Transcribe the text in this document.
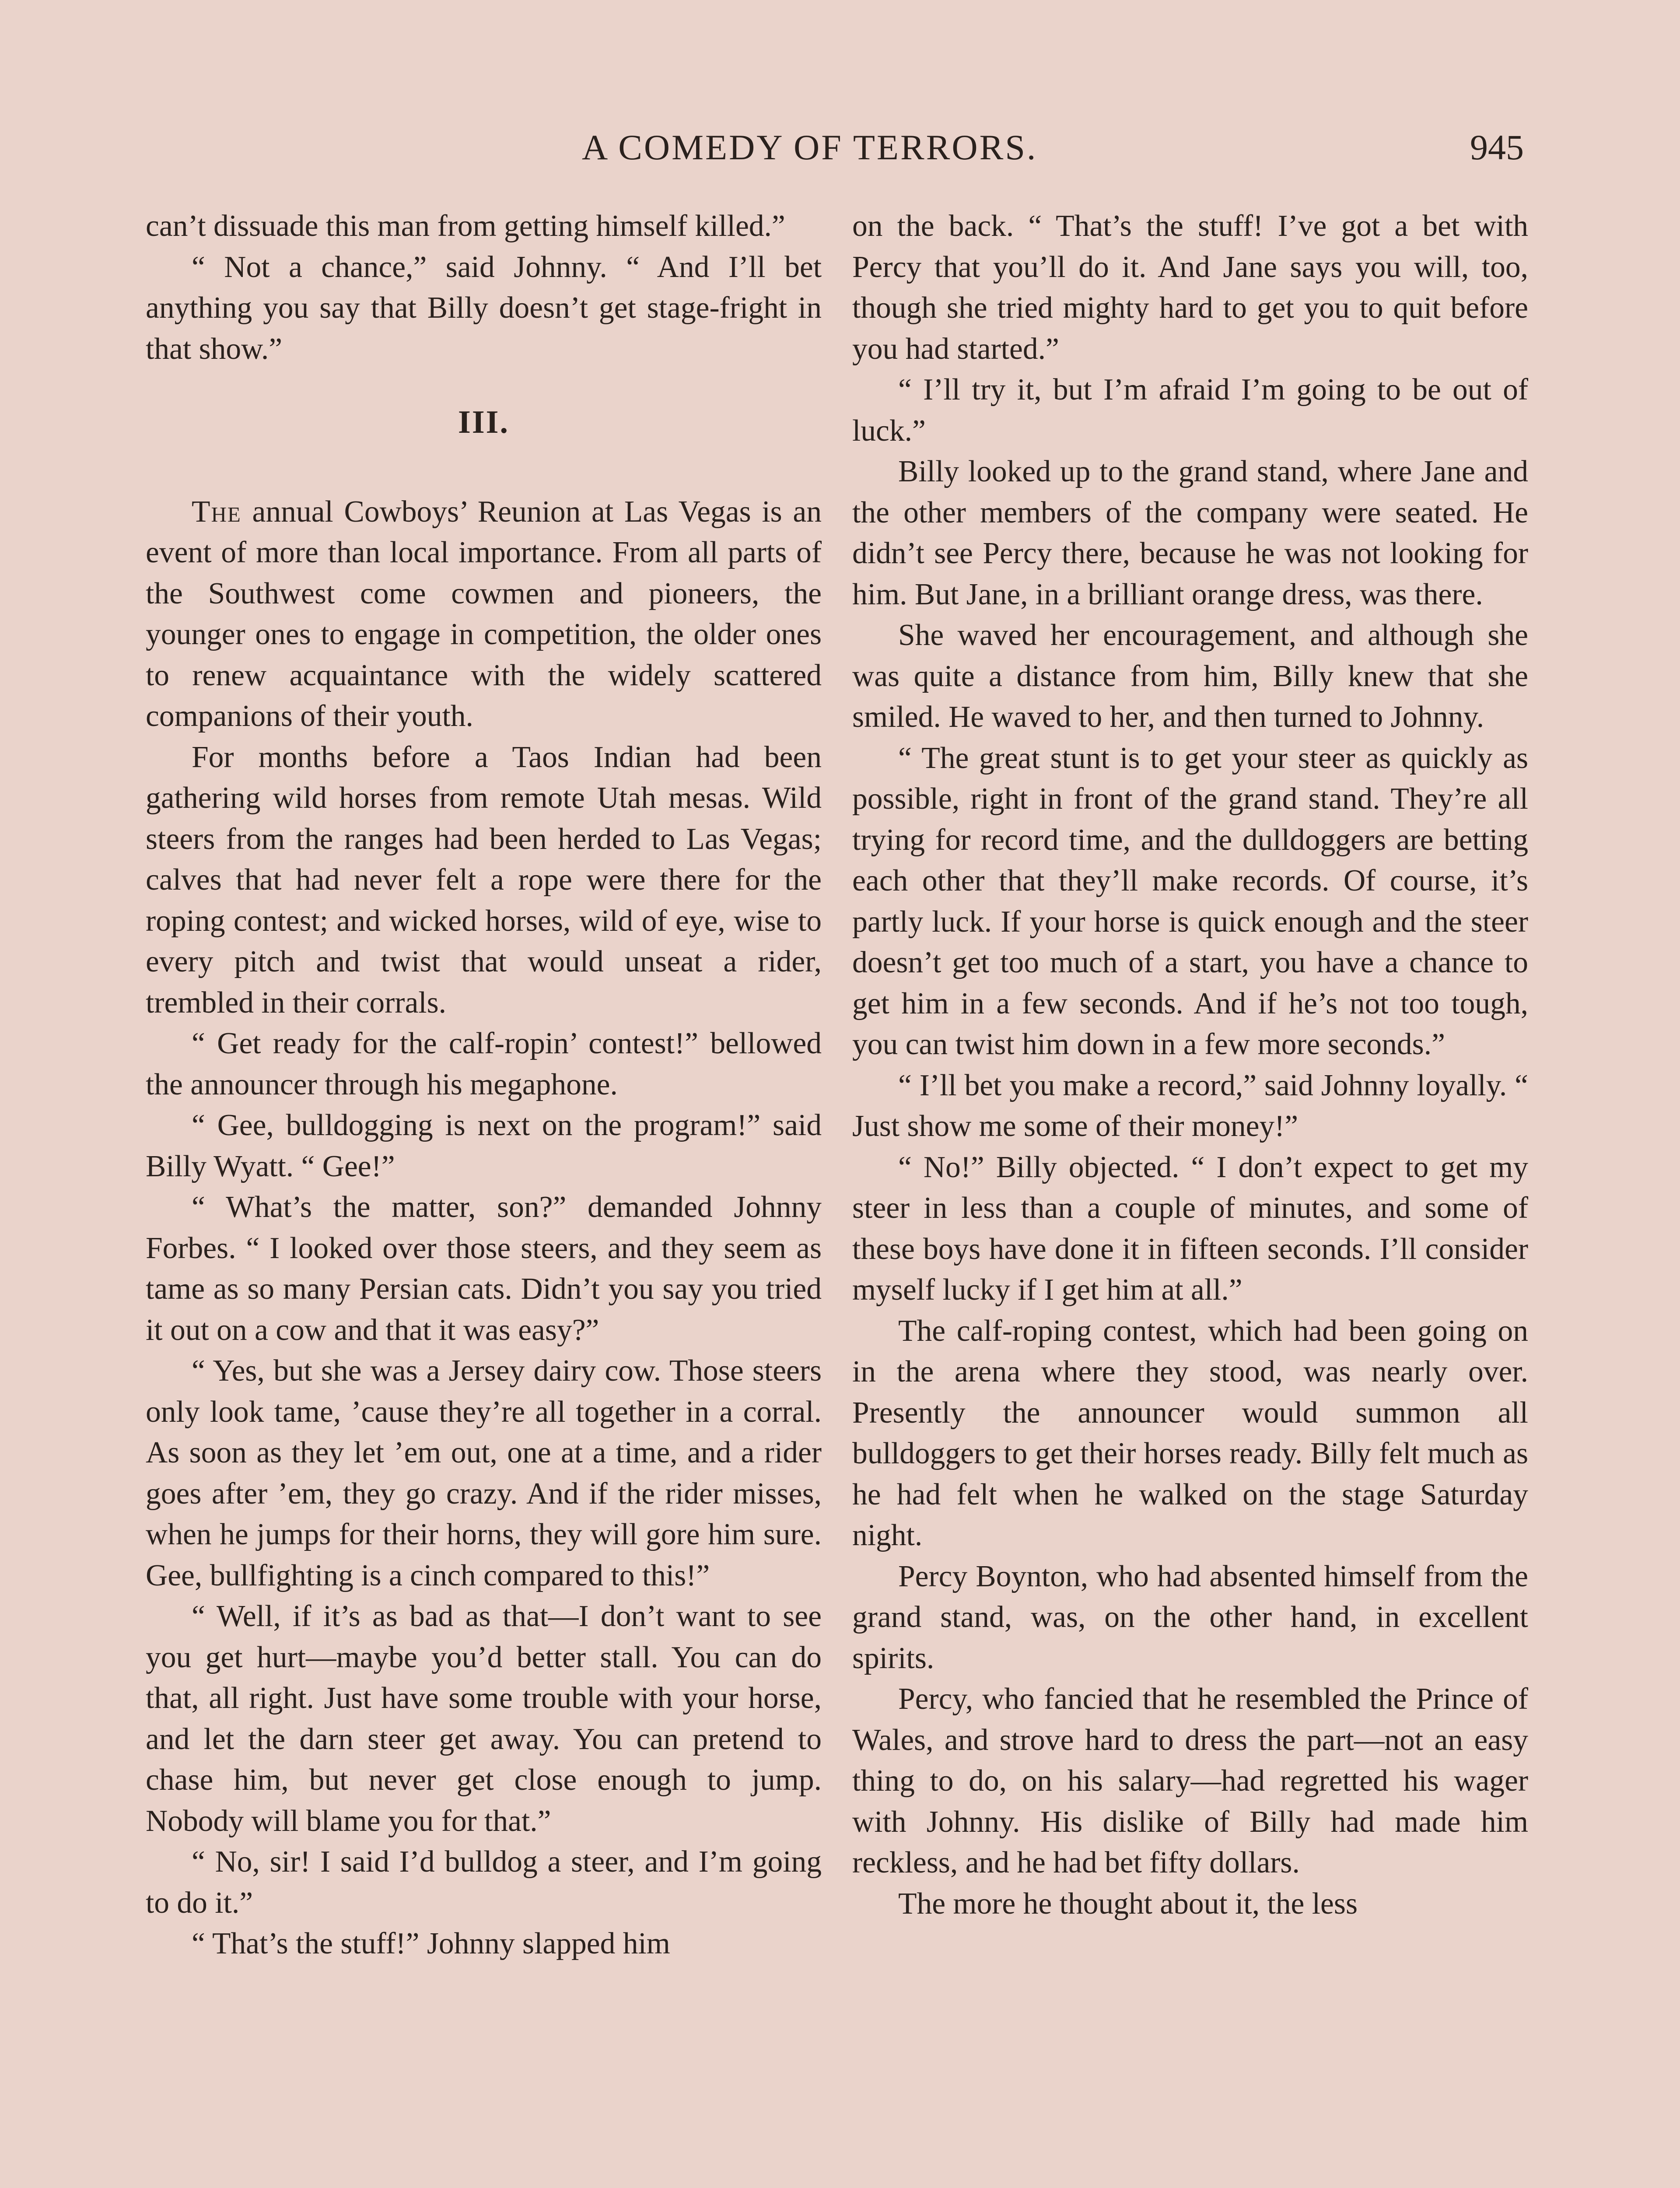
A COMEDY OF TERRORS.	945

can’t dissuade this man from getting himself killed.”

“ Not a chance,” said Johnny. “ And I’ll bet anything you say that Billy doesn’t get stage-fright in that show.”

III.

The annual Cowboys’ Reunion at Las Vegas is an event of more than local importance. From all parts of the Southwest come cowmen and pioneers, the younger ones to engage in competition, the older ones to renew acquaintance with the widely scattered companions of their youth.

For months before a Taos Indian had been gathering wild horses from remote Utah mesas. Wild steers from the ranges had been herded to Las Vegas; calves that had never felt a rope were there for the roping contest; and wicked horses, wild of eye, wise to every pitch and twist that would unseat a rider, trembled in their corrals.

“ Get ready for the calf-ropin’ contest!” bellowed the announcer through his megaphone.

“ Gee, bulldogging is next on the program!” said Billy Wyatt. “ Gee!”

“ What’s the matter, son?” demanded Johnny Forbes. “ I looked over those steers, and they seem as tame as so many Persian cats. Didn’t you say you tried it out on a cow and that it was easy?”

“ Yes, but she was a Jersey dairy cow. Those steers only look tame, ’cause they’re all together in a corral. As soon as they let ’em out, one at a time, and a rider goes after ’em, they go crazy. And if the rider misses, when he jumps for their horns, they will gore him sure. Gee, bullfighting is a cinch compared to this!”

“ Well, if it’s as bad as that—I don’t want to see you get hurt—maybe you’d better stall. You can do that, all right. Just have some trouble with your horse, and let the darn steer get away. You can pretend to chase him, but never get close enough to jump. Nobody will blame you for that.”

“ No, sir! I said I’d bulldog a steer, and I’m going to do it.”

“ That’s the stuff!” Johnny slapped him

on the back. “ That’s the stuff! I’ve got a bet with Percy that you’ll do it. And Jane says you will, too, though she tried mighty hard to get you to quit before you had started.”

“ I’ll try it, but I’m afraid I’m going to be out of luck.”

Billy looked up to the grand stand, where Jane and the other members of the company were seated. He didn’t see Percy there, because he was not looking for him. But Jane, in a brilliant orange dress, was there.

She waved her encouragement, and although she was quite a distance from him, Billy knew that she smiled. He waved to her, and then turned to Johnny.

“ The great stunt is to get your steer as quickly as possible, right in front of the grand stand. They’re all trying for record time, and the dulldoggers are betting each other that they’ll make records. Of course, it’s partly luck. If your horse is quick enough and the steer doesn’t get too much of a start, you have a chance to get him in a few seconds. And if he’s not too tough, you can twist him down in a few more seconds.”

“ I’ll bet you make a record,” said Johnny loyally. “ Just show me some of their money!”

“ No!” Billy objected. “ I don’t expect to get my steer in less than a couple of minutes, and some of these boys have done it in fifteen seconds. I’ll consider myself lucky if I get him at all.”

The calf-roping contest, which had been going on in the arena where they stood, was nearly over. Presently the announcer would summon all bulldoggers to get their horses ready. Billy felt much as he had felt when he walked on the stage Saturday night.

Percy Boynton, who had absented himself from the grand stand, was, on the other hand, in excellent spirits.

Percy, who fancied that he resembled the Prince of Wales, and strove hard to dress the part—not an easy thing to do, on his salary—had regretted his wager with Johnny. His dislike of Billy had made him reckless, and he had bet fifty dollars.

The more he thought about it, the less
